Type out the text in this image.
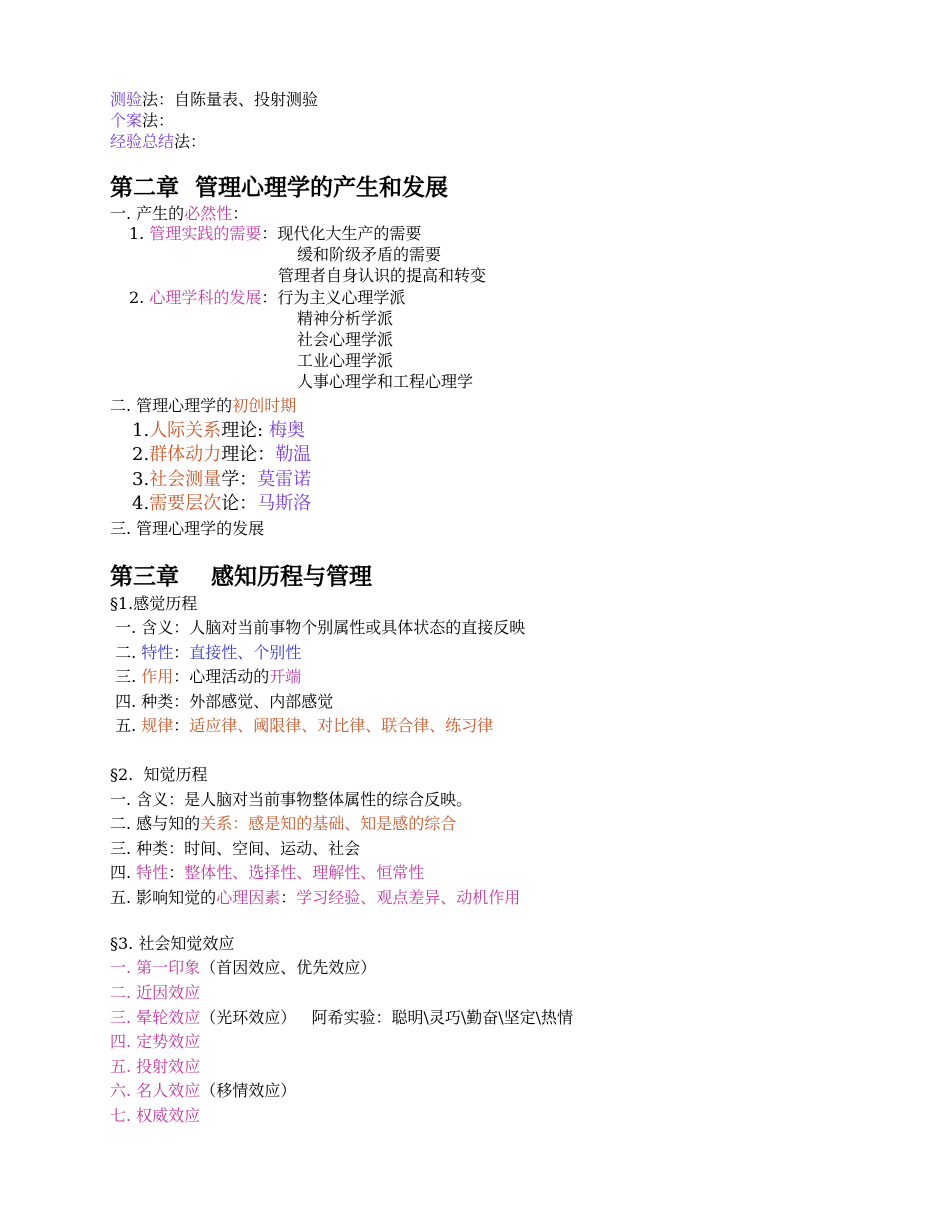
测验法：自陈量表、投射测验
个案法：
经验总结法：
第二章  管理心理学的产生和发展
一. 产生的必然性：
1. 管理实践的需要：现代化大生产的需要
缓和阶级矛盾的需要
管理者自身认识的提高和转变
2. 心理学科的发展：行为主义心理学派
精神分析学派
社会心理学派
工业心理学派
人事心理学和工程心理学
二. 管理心理学的初创时期
1.人际关系理论: 梅奥
2.群体动力理论：勒温
3.社会测量学：莫雷诺
4.需要层次论：马斯洛
三. 管理心理学的发展
第三章    感知历程与管理
§1.感觉历程
一. 含义：人脑对当前事物个别属性或具体状态的直接反映
二. 特性：直接性、个别性
三. 作用：心理活动的开端
四. 种类：外部感觉、内部感觉
五. 规律：适应律、阈限律、对比律、联合律、练习律
§2.  知觉历程
一. 含义：是人脑对当前事物整体属性的综合反映。
二. 感与知的关系：感是知的基础、知是感的综合
三. 种类：时间、空间、运动、社会
四. 特性：整体性、选择性、理解性、恒常性
五. 影响知觉的心理因素：学习经验、观点差异、动机作用
§3. 社会知觉效应
一. 第一印象（首因效应、优先效应）
二. 近因效应
三. 晕轮效应（光环效应）   阿希实验：聪明\灵巧\勤奋\坚定\热情
四. 定势效应
五. 投射效应
六. 名人效应（移情效应）
七. 权威效应
